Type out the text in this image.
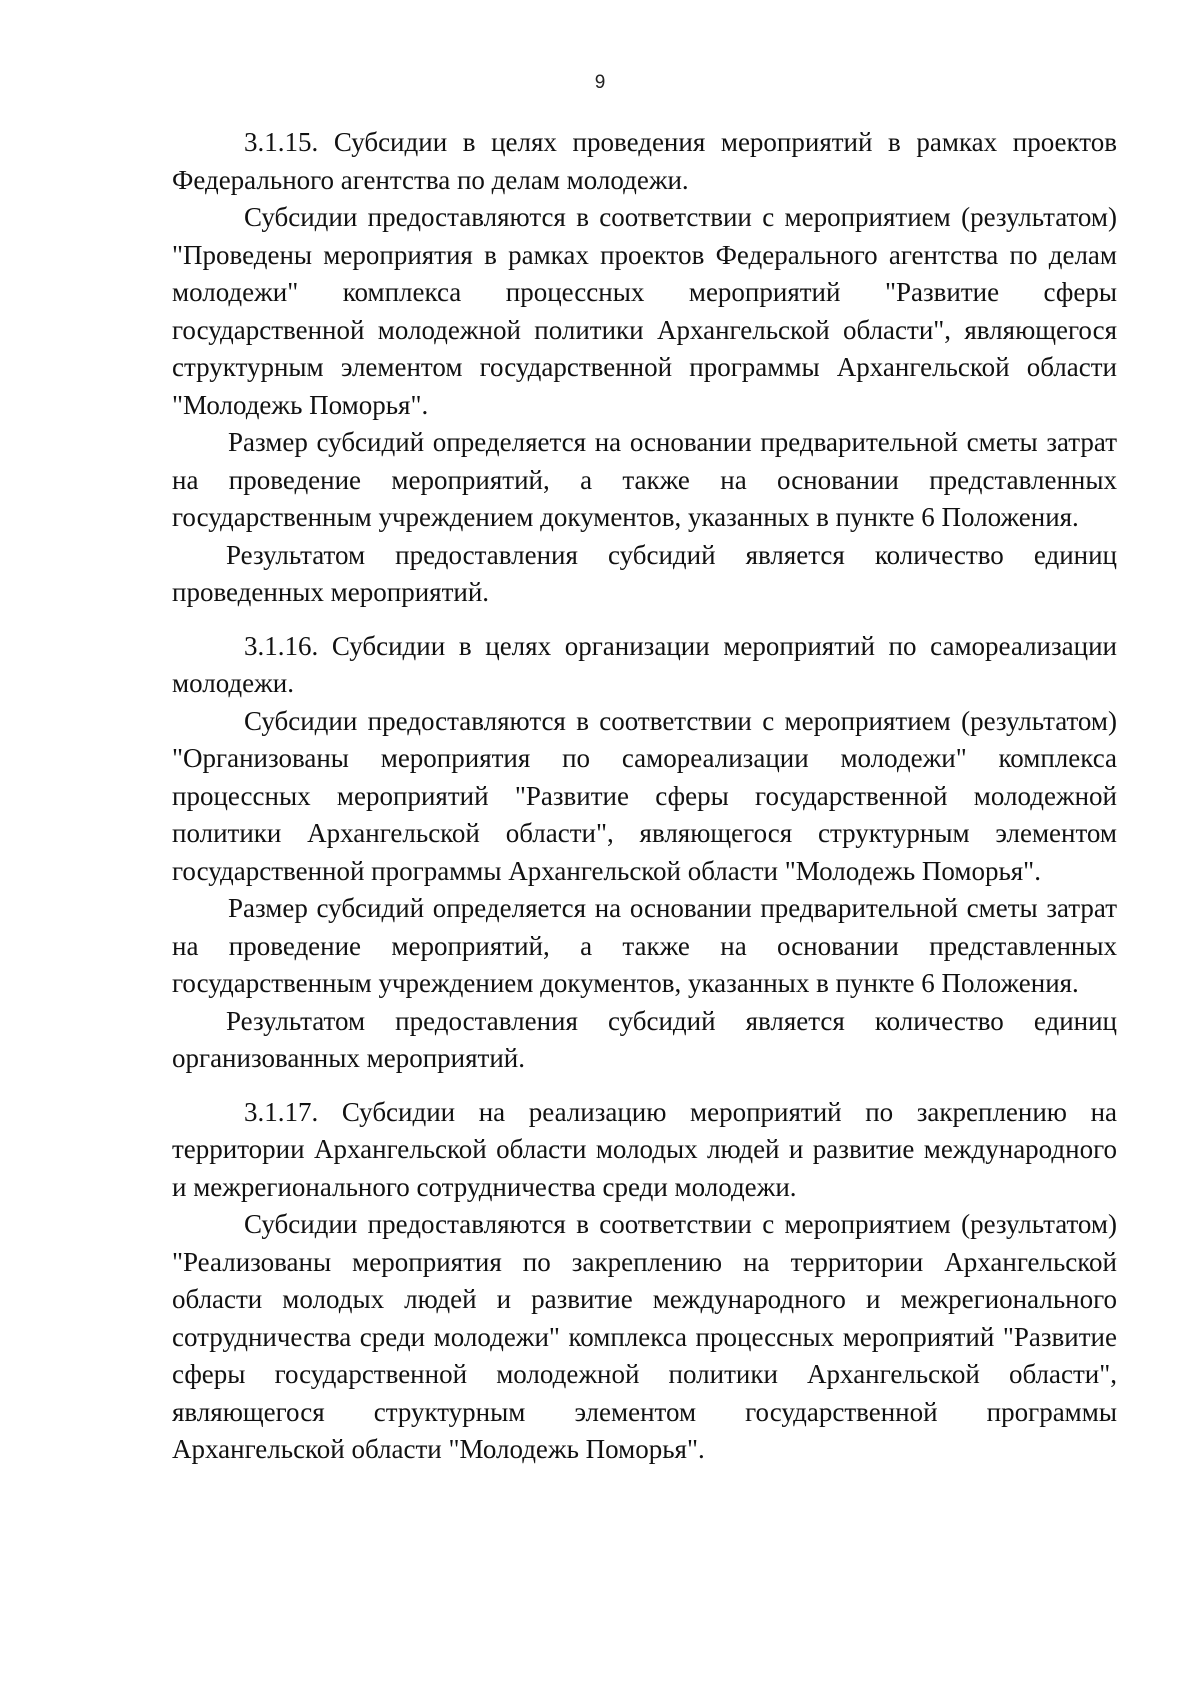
9

3.1.15. Субсидии в целях проведения мероприятий в рамках проектов Федерального агентства по делам молодежи.

Субсидии предоставляются в соответствии с мероприятием (результатом) "Проведены мероприятия в рамках проектов Федерального агентства по делам молодежи" комплекса процессных мероприятий "Развитие сферы государственной молодежной политики Архангельской области", являющегося структурным элементом государственной программы Архангельской области "Молодежь Поморья".

Размер субсидий определяется на основании предварительной сметы затрат на проведение мероприятий, а также на основании представленных государственным учреждением документов, указанных в пункте 6 Положения.

Результатом предоставления субсидий является количество единиц проведенных мероприятий.

3.1.16. Субсидии в целях организации мероприятий по самореализации молодежи.

Субсидии предоставляются в соответствии с мероприятием (результатом) "Организованы мероприятия по самореализации молодежи" комплекса процессных мероприятий "Развитие сферы государственной молодежной политики Архангельской области", являющегося структурным элементом государственной программы Архангельской области "Молодежь Поморья".

Размер субсидий определяется на основании предварительной сметы затрат на проведение мероприятий, а также на основании представленных государственным учреждением документов, указанных в пункте 6 Положения.

Результатом предоставления субсидий является количество единиц организованных мероприятий.

3.1.17. Субсидии на реализацию мероприятий по закреплению на территории Архангельской области молодых людей и развитие международного и межрегионального сотрудничества среди молодежи.

Субсидии предоставляются в соответствии с мероприятием (результатом) "Реализованы мероприятия по закреплению на территории Архангельской области молодых людей и развитие международного и межрегионального сотрудничества среди молодежи" комплекса процессных мероприятий "Развитие сферы государственной молодежной политики Архангельской области", являющегося структурным элементом государственной программы Архангельской области "Молодежь Поморья".
